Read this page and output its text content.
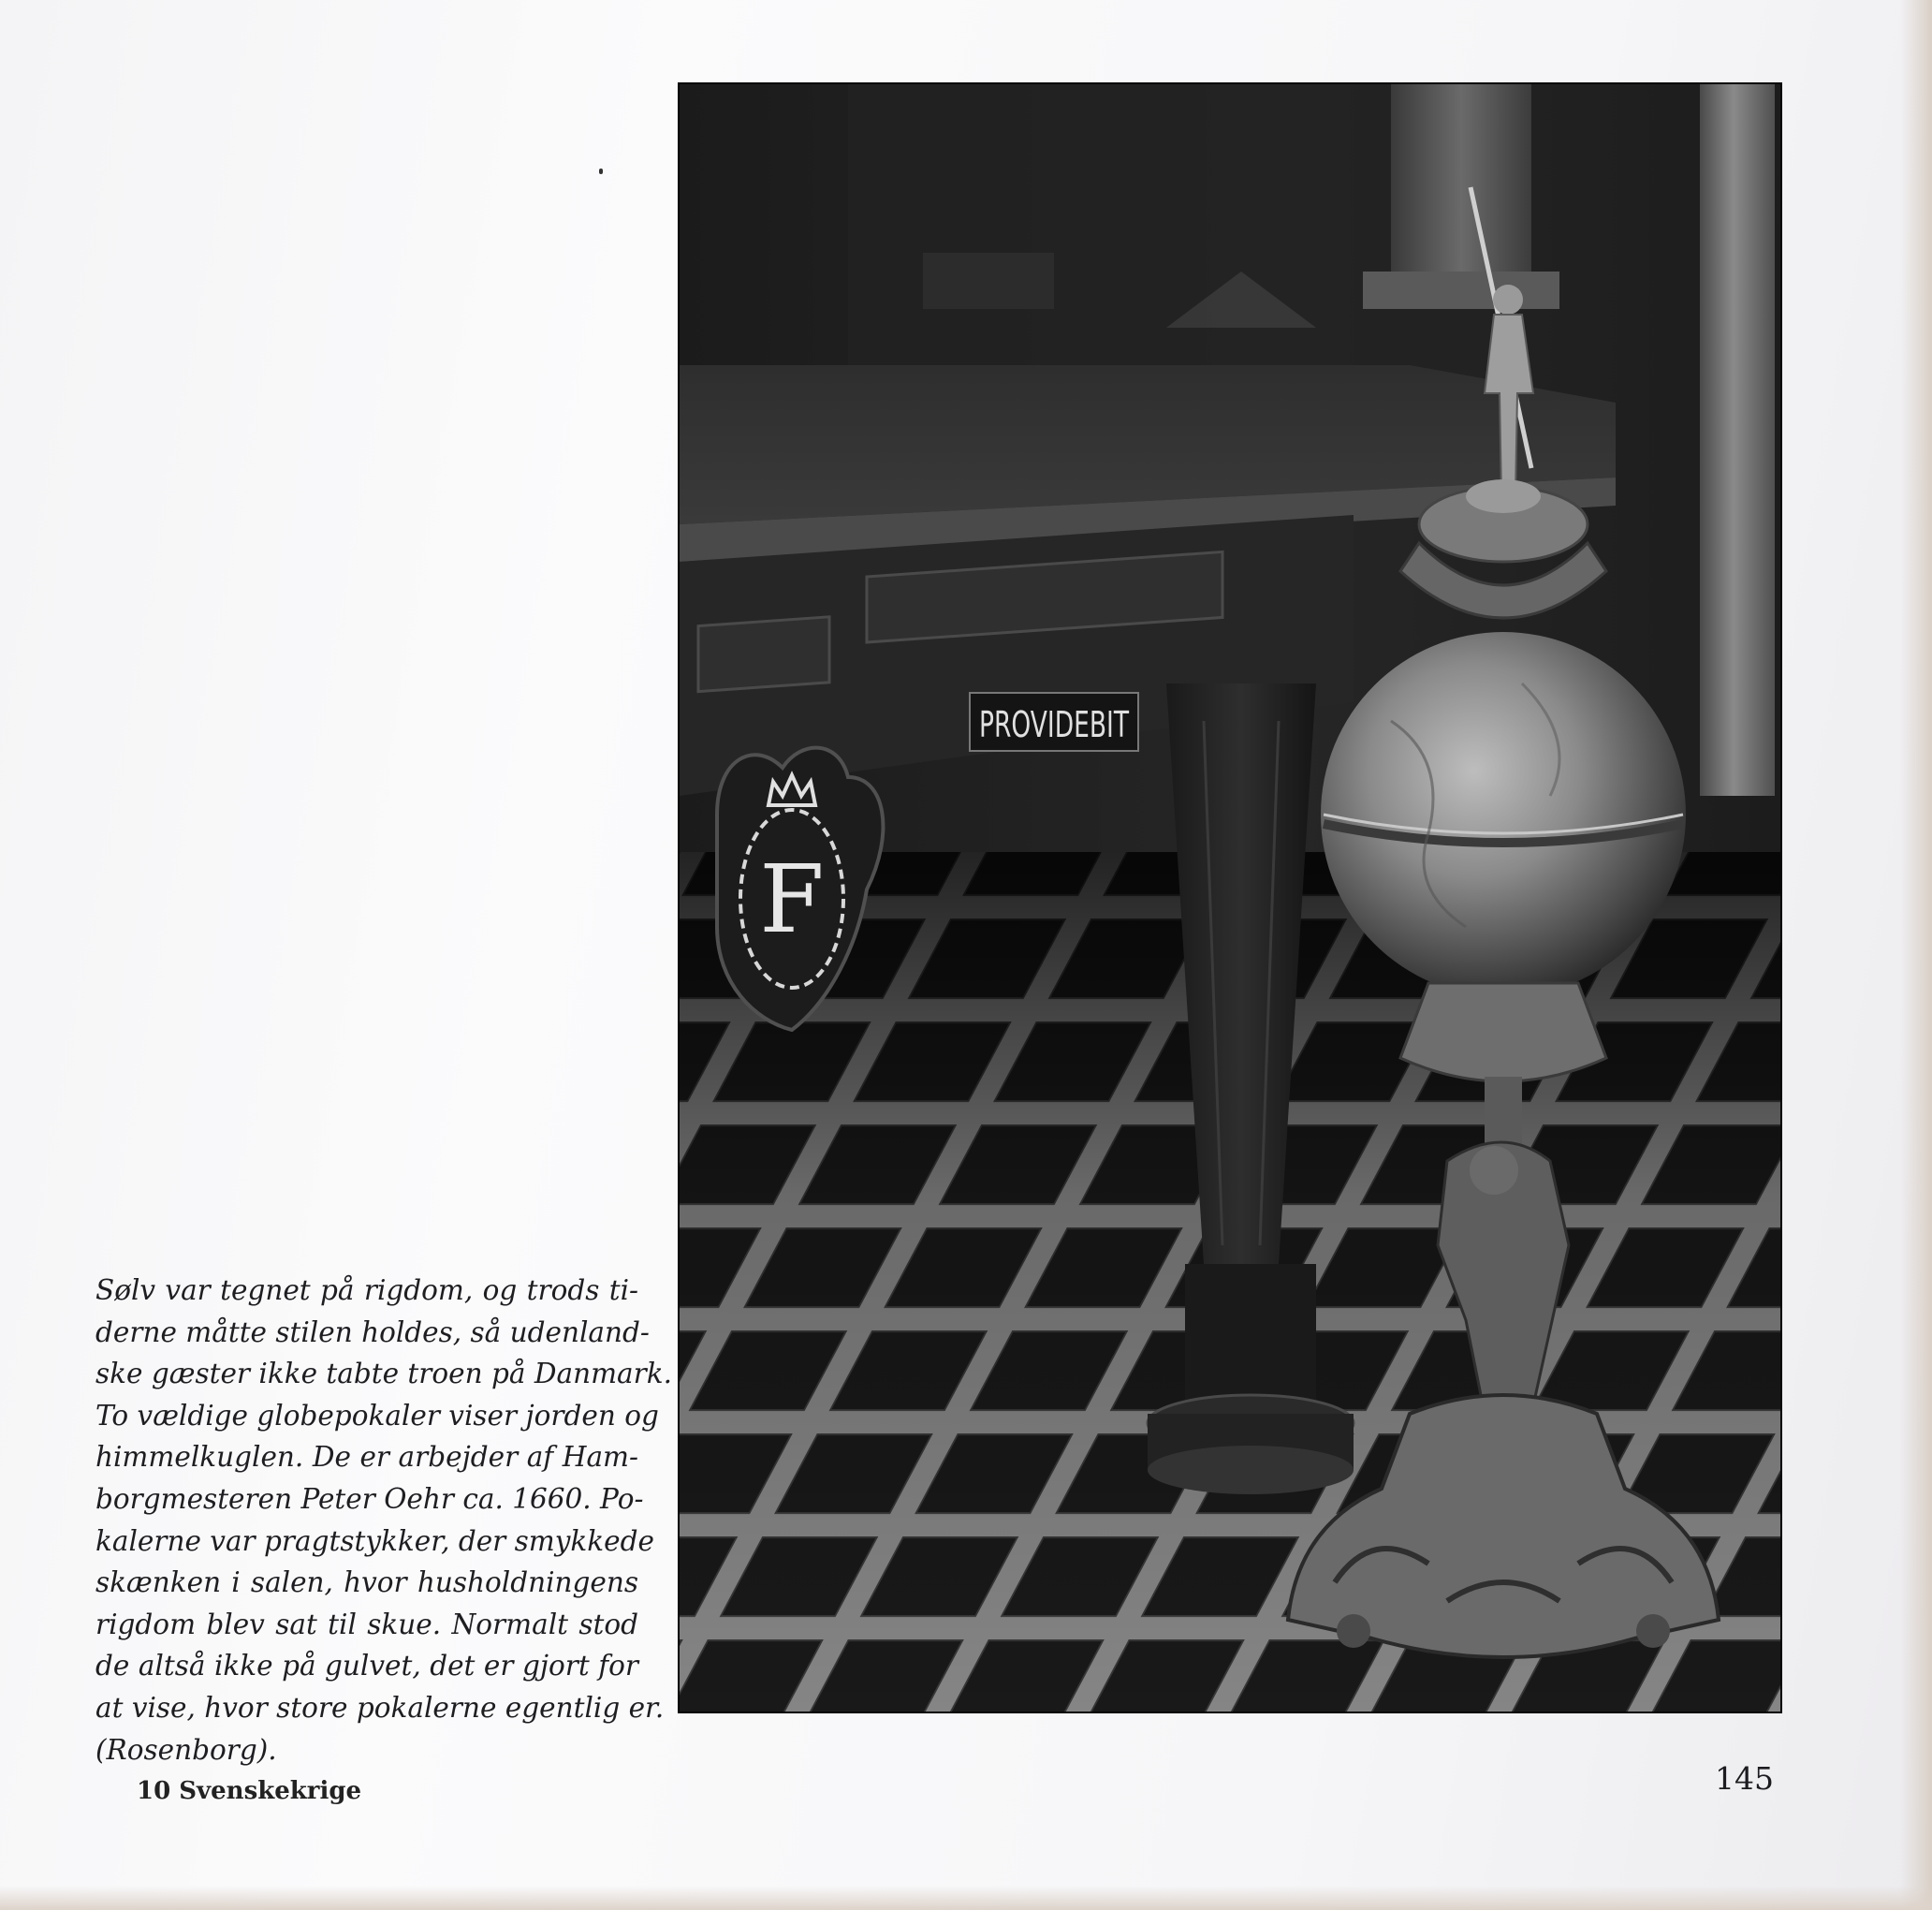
Sølv var tegnet på rigdom, og trods ti-
derne måtte stilen holdes, så udenland-
ske gæster ikke tabte troen på Danmark.
To vældige globepokaler viser jorden og
himmelkuglen. De er arbejder af Ham-
borgmesteren Peter Oehr ca. 1660. Po-
kalerne var pragtstykker, der smykkede
skænken i salen, hvor husholdningens
rigdom blev sat til skue. Normalt stod
de altså ikke på gulvet, det er gjort for
at vise, hvor store pokalerne egentlig er.
(Rosenborg).

10 Svenskekrige	145
PROVIDEBIT
F
